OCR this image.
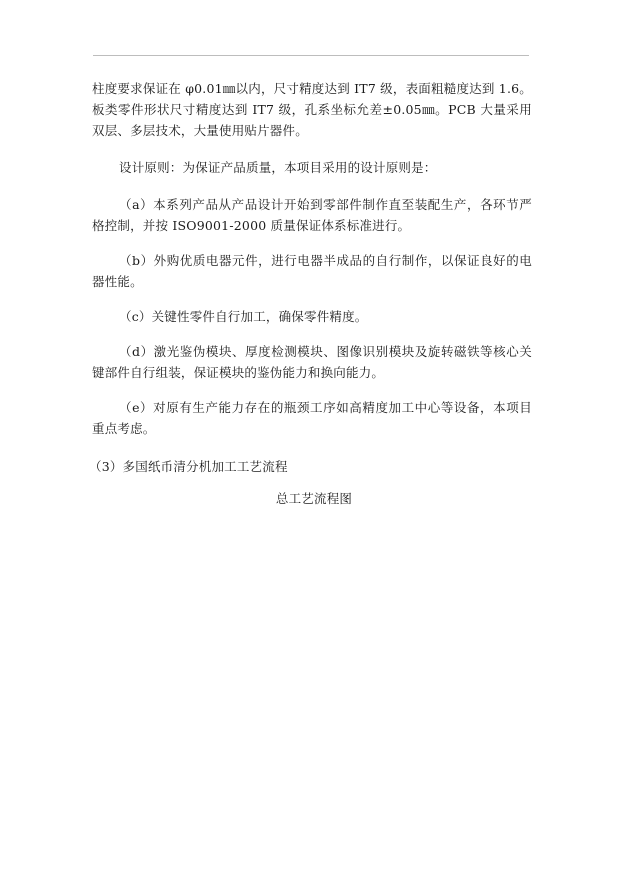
柱度要求保证在 φ0.01㎜以内，尺寸精度达到 IT7 级，表面粗糙度达到 1.6。板类零件形状尺寸精度达到 IT7 级，孔系坐标允差±0.05㎜。PCB 大量采用双层、多层技术，大量使用贴片器件。

设计原则：为保证产品质量，本项目采用的设计原则是：

（a）本系列产品从产品设计开始到零部件制作直至装配生产，各环节严格控制，并按 ISO9001-2000 质量保证体系标准进行。

（b）外购优质电器元件，进行电器半成品的自行制作，以保证良好的电器性能。

（c）关键性零件自行加工，确保零件精度。

（d）激光鉴伪模块、厚度检测模块、图像识别模块及旋转磁铁等核心关键部件自行组装，保证模块的鉴伪能力和换向能力。

（e）对原有生产能力存在的瓶颈工序如高精度加工中心等设备，本项目重点考虑。

（3）多国纸币清分机加工工艺流程

总工艺流程图
